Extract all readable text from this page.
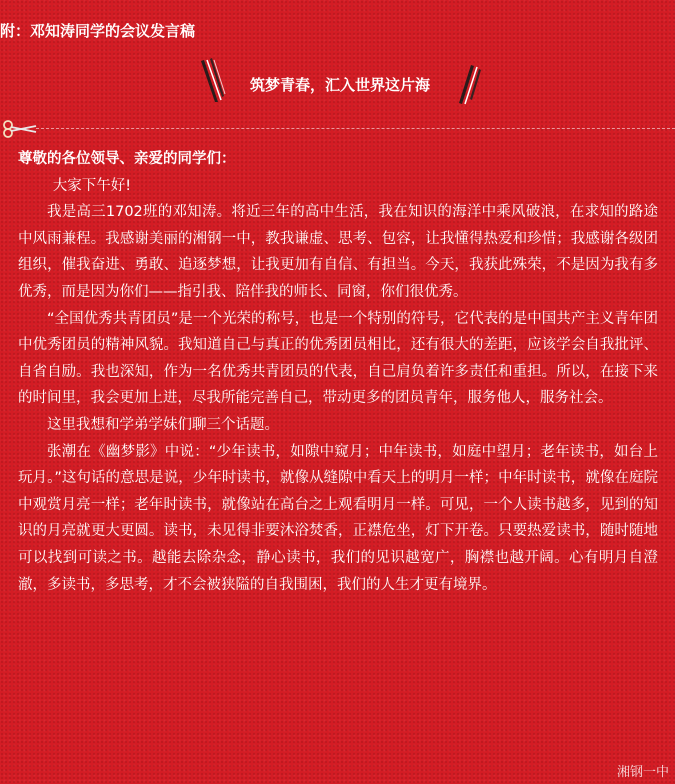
附：邓知涛同学的会议发言稿
筑梦青春，汇入世界这片海

尊敬的各位领导、亲爱的同学们：

大家下午好!

我是高三1702班的邓知涛。将近三年的高中生活，我在知识的海洋中乘风破浪，在求知的路途中风雨兼程。我感谢美丽的湘钢一中，教我谦虚、思考、包容，让我懂得热爱和珍惜；我感谢各级团组织，催我奋进、勇敢、追逐梦想，让我更加有自信、有担当。今天，我获此殊荣，不是因为我有多优秀，而是因为你们——指引我、陪伴我的师长、同窗，你们很优秀。

“全国优秀共青团员”是一个光荣的称号，也是一个特别的符号，它代表的是中国共产主义青年团中优秀团员的精神风貌。我知道自己与真正的优秀团员相比，还有很大的差距，应该学会自我批评、自省自励。我也深知，作为一名优秀共青团员的代表，自己肩负着许多责任和重担。所以，在接下来的时间里，我会更加上进，尽我所能完善自己，带动更多的团员青年，服务他人，服务社会。

这里我想和学弟学妹们聊三个话题。

张潮在《幽梦影》中说：“少年读书，如隙中窥月；中年读书，如庭中望月；老年读书，如台上玩月。”这句话的意思是说，少年时读书，就像从缝隙中看天上的明月一样；中年时读书，就像在庭院中观赏月亮一样；老年时读书，就像站在高台之上观看明月一样。可见，一个人读书越多，见到的知识的月亮就更大更圆。读书，未见得非要沐浴焚香，正襟危坐，灯下开卷。只要热爱读书，随时随地可以找到可读之书。越能去除杂念，静心读书，我们的见识越宽广，胸襟也越开阔。心有明月自澄澈，多读书，多思考，才不会被狭隘的自我围困，我们的人生才更有境界。

湘钢一中
